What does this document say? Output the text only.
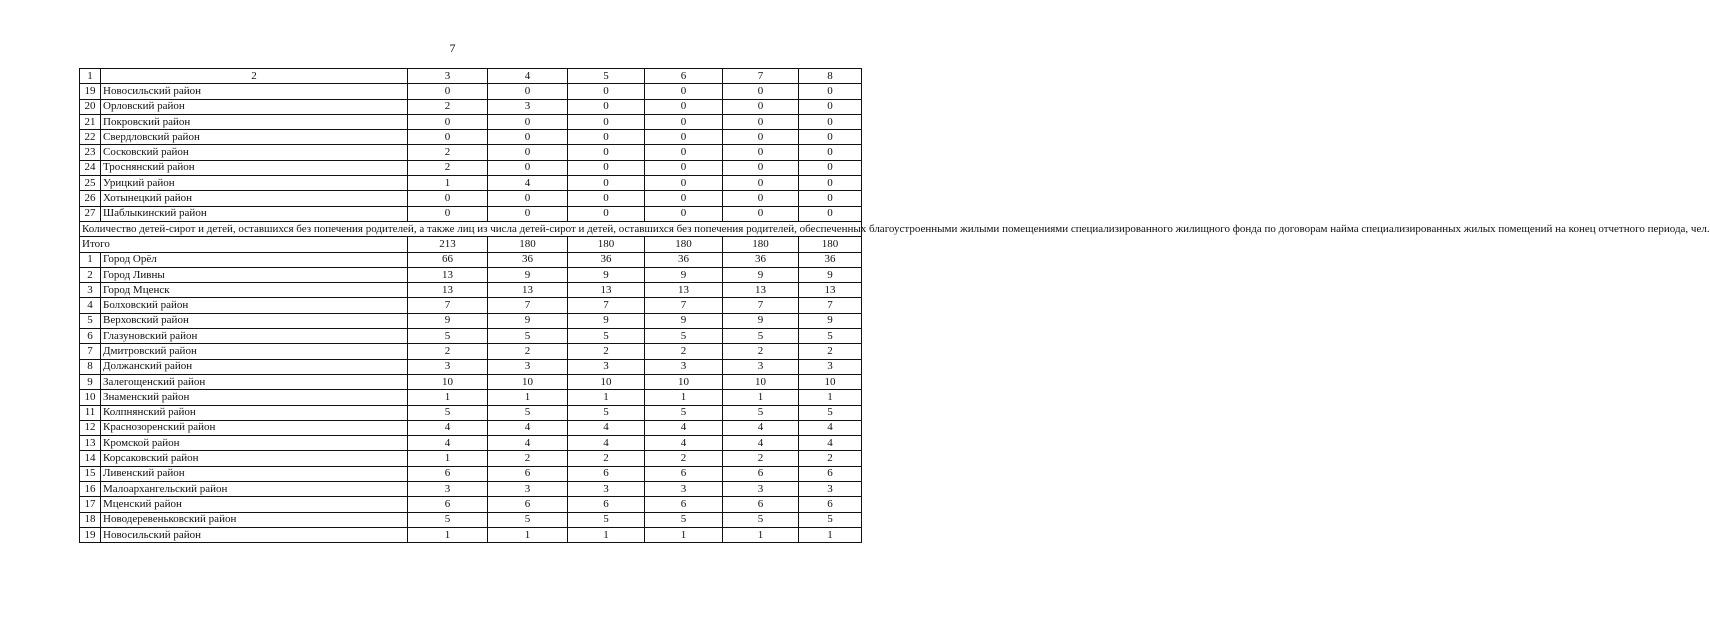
7
1	2	3	4	5	6	7	8
19	Новосильский район	0	0	0	0	0	0
20	Орловский район	2	3	0	0	0	0
21	Покровский район	0	0	0	0	0	0
22	Свердловский район	0	0	0	0	0	0
23	Сосковский район	2	0	0	0	0	0
24	Троснянский район	2	0	0	0	0	0
25	Урицкий район	1	4	0	0	0	0
26	Хотынецкий район	0	0	0	0	0	0
27	Шаблыкинский район	0	0	0	0	0	0
Количество детей-сирот и детей, оставшихся без попечения родителей, а также лиц из числа детей-сирот и детей, оставшихся без попечения родителей, обеспеченных благоустроенными жилыми помещениями специализированного жилищного фонда по договорам найма специализированных жилых помещений на конец отчетного периода, чел.							
Итого		213	180	180	180	180	180
1	Город Орёл	66	36	36	36	36	36
2	Город Ливны	13	9	9	9	9	9
3	Город Мценск	13	13	13	13	13	13
4	Болховский район	7	7	7	7	7	7
5	Верховский район	9	9	9	9	9	9
6	Глазуновский район	5	5	5	5	5	5
7	Дмитровский район	2	2	2	2	2	2
8	Должанский район	3	3	3	3	3	3
9	Залегощенский район	10	10	10	10	10	10
10	Знаменский район	1	1	1	1	1	1
11	Колпнянский район	5	5	5	5	5	5
12	Краснозоренский район	4	4	4	4	4	4
13	Кромской район	4	4	4	4	4	4
14	Корсаковский район	1	2	2	2	2	2
15	Ливенский район	6	6	6	6	6	6
16	Малоархангельский район	3	3	3	3	3	3
17	Мценский район	6	6	6	6	6	6
18	Новодеревеньковский район	5	5	5	5	5	5
19	Новосильский район	1	1	1	1	1	1
